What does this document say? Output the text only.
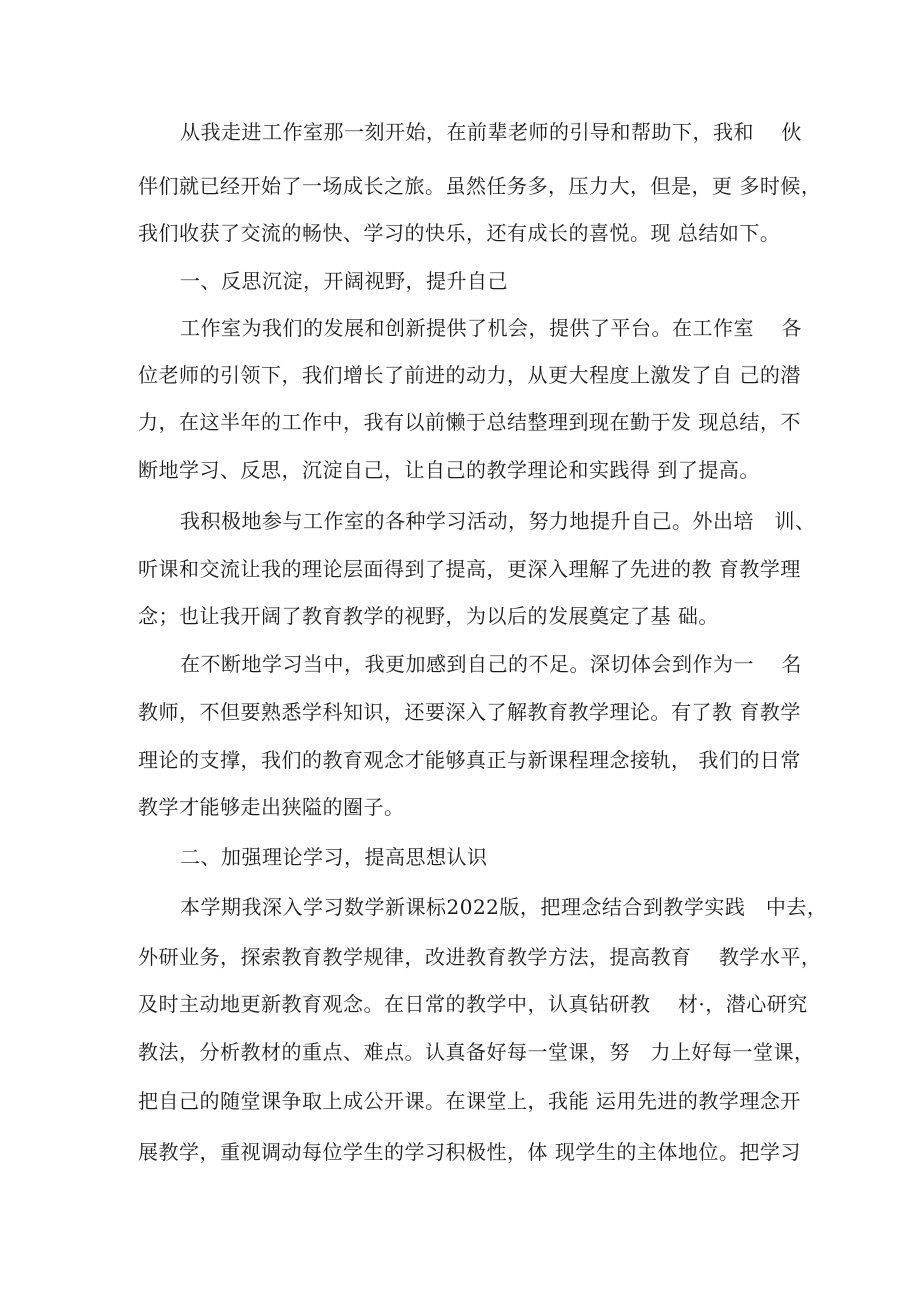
从我走进工作室那一刻开始，在前辈老师的引导和帮助下，我和　 伙
伴们就已经开始了一场成长之旅。虽然任务多，压力大，但是，更 多时候，
我们收获了交流的畅快、学习的快乐，还有成长的喜悦。现 总结如下。
一、反思沉淀，开阔视野，提升自己
工作室为我们的发展和创新提供了机会，提供了平台。在工作室　 各
位老师的引领下，我们增长了前进的动力，从更大程度上激发了自 己的潜
力，在这半年的工作中，我有以前懒于总结整理到现在勤于发 现总结，不
断地学习、反思，沉淀自己，让自己的教学理论和实践得 到了提高。
我积极地参与工作室的各种学习活动，努力地提升自己。外出培　训、
听课和交流让我的理论层面得到了提高，更深入理解了先进的教 育教学理
念；也让我开阔了教育教学的视野，为以后的发展奠定了基 础。
在不断地学习当中，我更加感到自己的不足。深切体会到作为一　 名
教师，不但要熟悉学科知识，还要深入了解教育教学理论。有了教 育教学
理论的支撑，我们的教育观念才能够真正与新课程理念接轨， 我们的日常
教学才能够走出狭隘的圈子。
二、加强理论学习，提高思想认识
本学期我深入学习数学新课标2022版，把理念结合到教学实践　中去，
外研业务，探索教育教学规律，改进教育教学方法，提高教育　 教学水平，
及时主动地更新教育观念。在日常的教学中，认真钻研教　 材·，潜心研究
教法，分析教材的重点、难点。认真备好每一堂课，努　力上好每一堂课，
把自己的随堂课争取上成公开课。在课堂上，我能 运用先进的教学理念开
展教学，重视调动每位学生的学习积极性，体 现学生的主体地位。把学习
